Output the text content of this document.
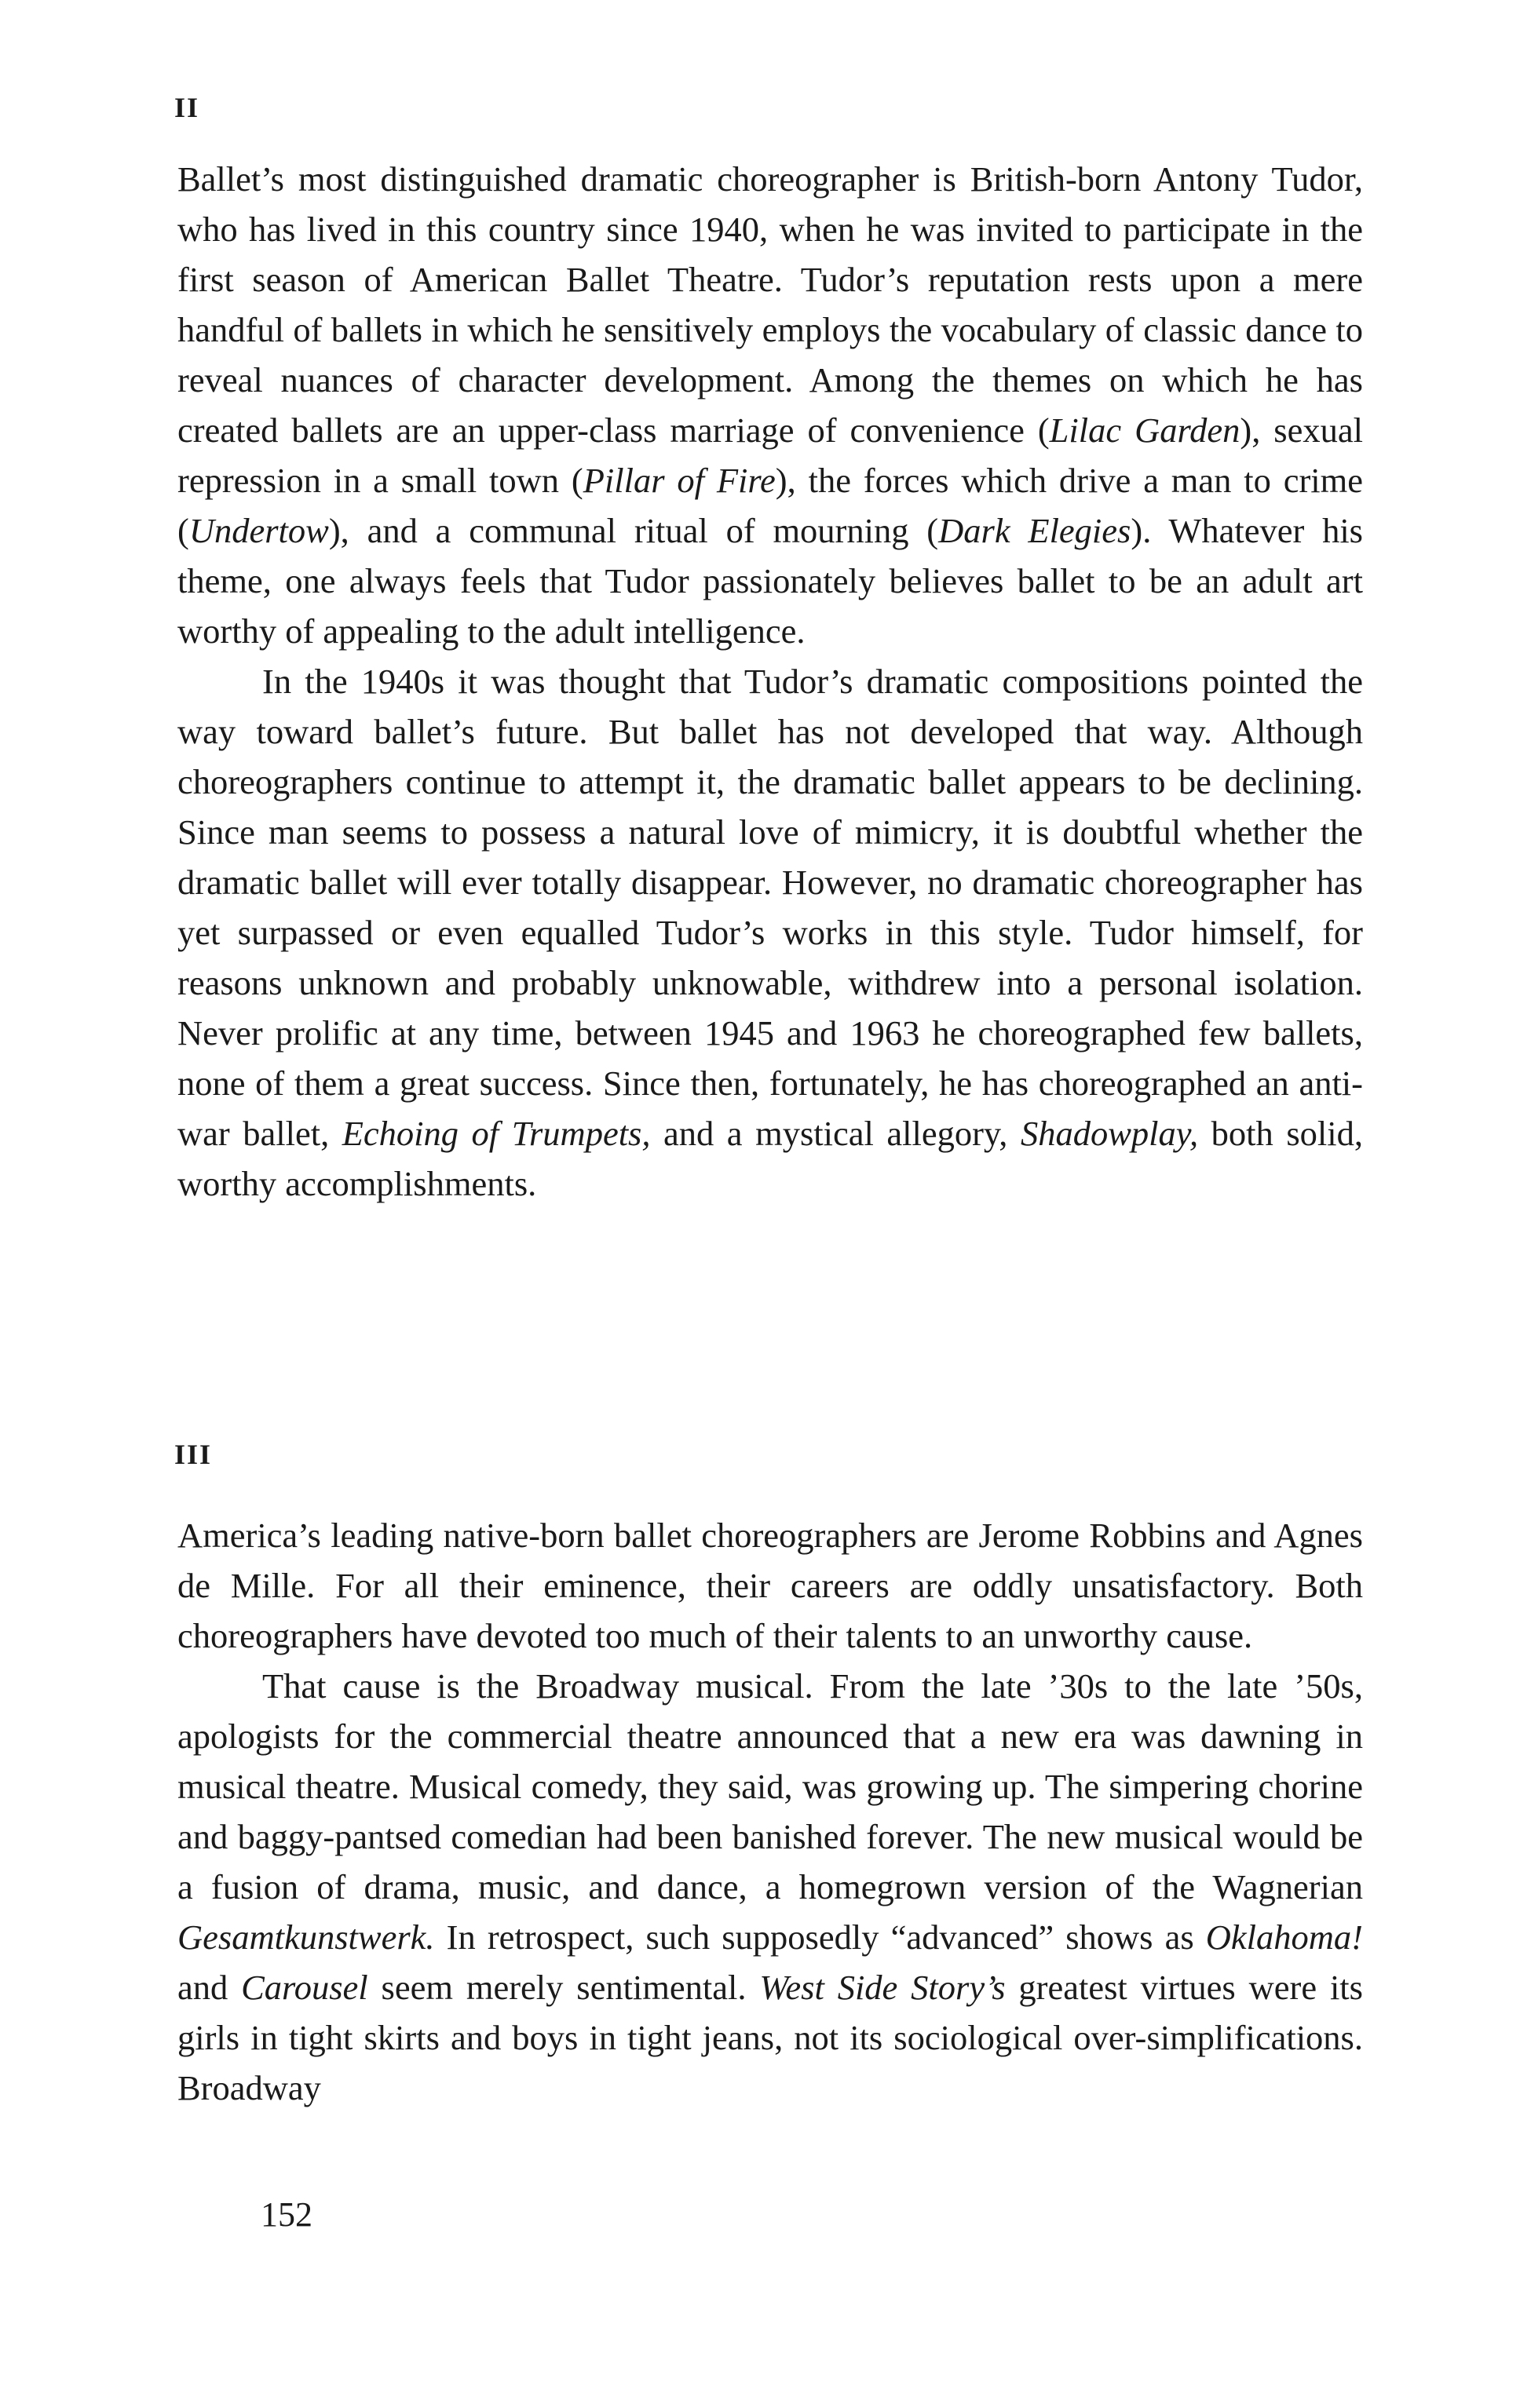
II

Ballet’s most distinguished dramatic choreographer is British-born Antony Tudor, who has lived in this country since 1940, when he was invited to participate in the first season of American Ballet Theatre. Tudor’s reputation rests upon a mere handful of ballets in which he sensitively employs the vocabulary of classic dance to reveal nuances of character development. Among the themes on which he has created ballets are an upper-class marriage of convenience (Lilac Garden), sexual repression in a small town (Pillar of Fire), the forces which drive a man to crime (Undertow), and a communal ritual of mourning (Dark Elegies). Whatever his theme, one always feels that Tudor passionately believes ballet to be an adult art worthy of appealing to the adult intelligence.

In the 1940s it was thought that Tudor’s dramatic compositions pointed the way toward ballet’s future. But ballet has not developed that way. Although choreographers continue to attempt it, the dramatic ballet appears to be declining. Since man seems to possess a natural love of mimicry, it is doubtful whether the dramatic ballet will ever totally disappear. However, no dramatic choreographer has yet surpassed or even equalled Tudor’s works in this style. Tudor himself, for reasons unknown and probably unknowable, withdrew into a personal isolation. Never prolific at any time, between 1945 and 1963 he choreographed few ballets, none of them a great success. Since then, fortunately, he has choreographed an anti-war ballet, Echoing of Trumpets, and a mystical allegory, Shadowplay, both solid, worthy accomplishments.

III

America’s leading native-born ballet choreographers are Jerome Robbins and Agnes de Mille. For all their eminence, their careers are oddly unsatisfactory. Both choreographers have devoted too much of their talents to an unworthy cause.

That cause is the Broadway musical. From the late ’30s to the late ’50s, apologists for the commercial theatre announced that a new era was dawning in musical theatre. Musical comedy, they said, was growing up. The simpering chorine and baggy-pantsed comedian had been banished forever. The new musical would be a fusion of drama, music, and dance, a homegrown version of the Wagnerian Gesamtkunstwerk. In retrospect, such supposedly “advanced” shows as Oklahoma! and Carousel seem merely sentimental. West Side Story’s greatest virtues were its girls in tight skirts and boys in tight jeans, not its sociological over-simplifications. Broadway

152
